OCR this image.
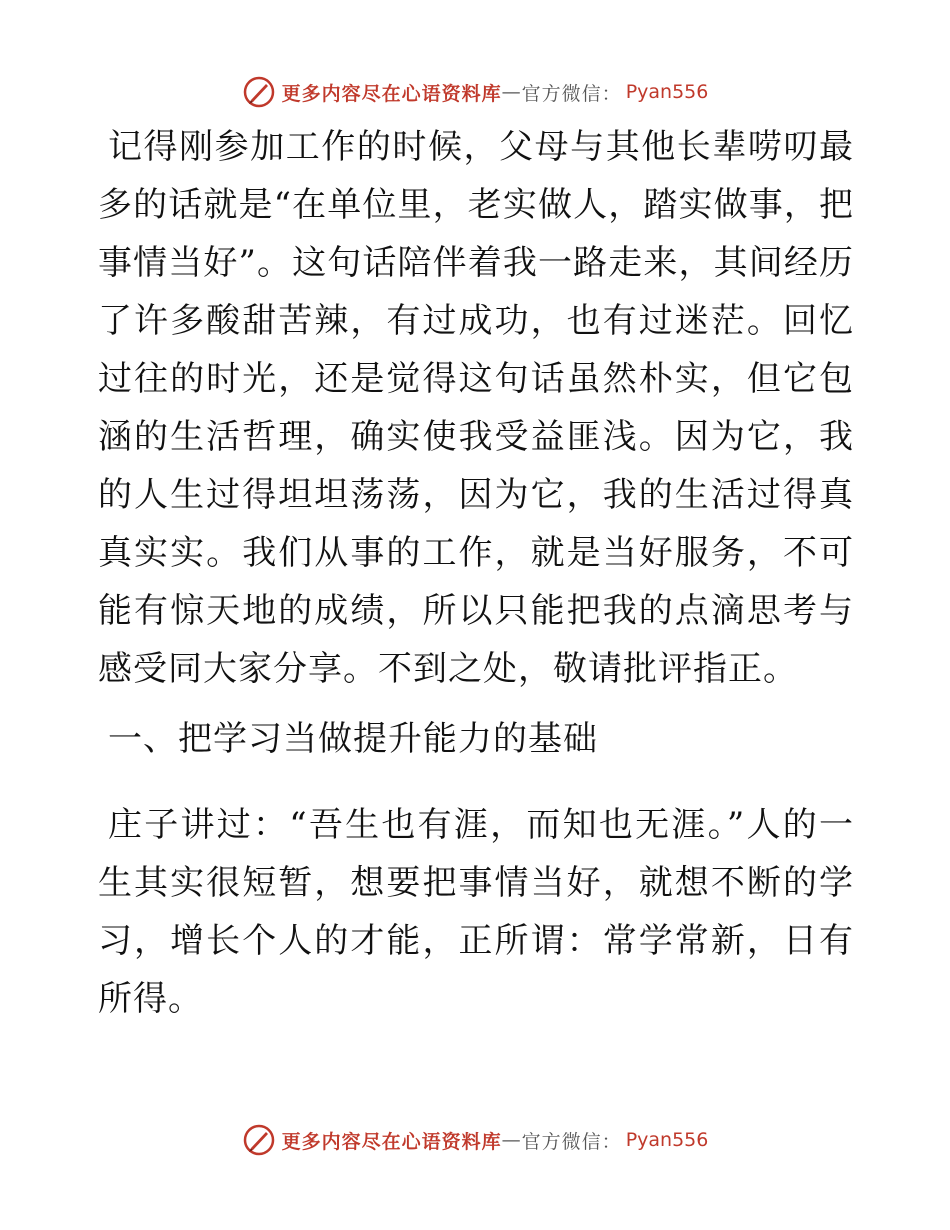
更多内容尽在心语资料库 — 官方微信： Pyan556

记得刚参加工作的时候，父母与其他长辈唠叨最多的话就是“在单位里，老实做人，踏实做事，把事情当好”。这句话陪伴着我一路走来，其间经历了许多酸甜苦辣，有过成功，也有过迷茫。回忆过往的时光，还是觉得这句话虽然朴实，但它包涵的生活哲理，确实使我受益匪浅。因为它，我的人生过得坦坦荡荡，因为它，我的生活过得真真实实。我们从事的工作，就是当好服务，不可能有惊天地的成绩，所以只能把我的点滴思考与感受同大家分享。不到之处，敬请批评指正。

一、把学习当做提升能力的基础

庄子讲过：“吾生也有涯，而知也无涯。”人的一生其实很短暂，想要把事情当好，就想不断的学习，增长个人的才能，正所谓：常学常新，日有所得。

更多内容尽在心语资料库 — 官方微信： Pyan556
